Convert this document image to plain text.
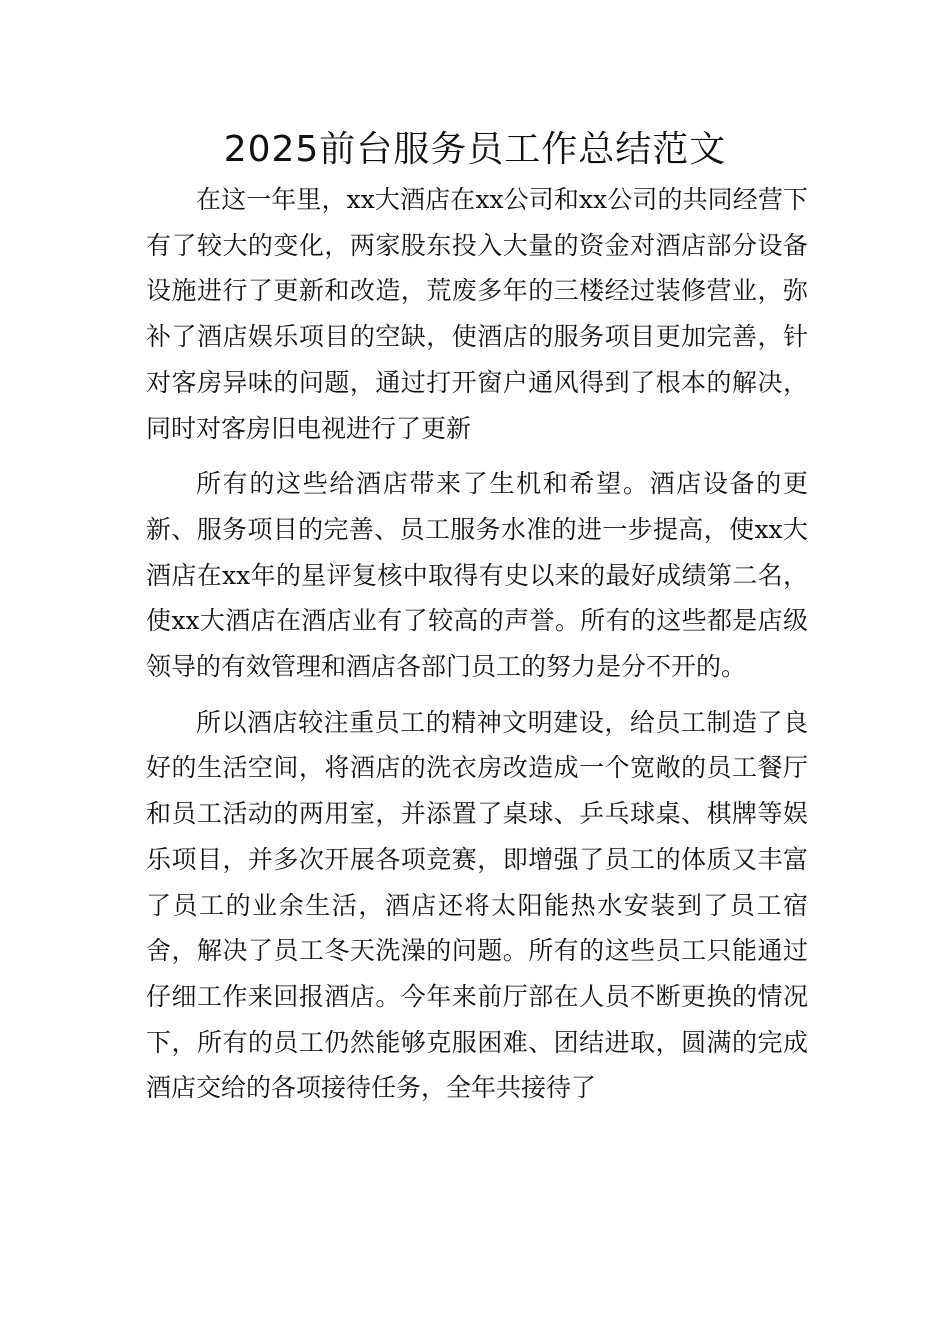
2025前台服务员工作总结范文

在这一年里，xx大酒店在xx公司和xx公司的共同经营下有了较大的变化，两家股东投入大量的资金对酒店部分设备设施进行了更新和改造，荒废多年的三楼经过装修营业，弥补了酒店娱乐项目的空缺，使酒店的服务项目更加完善，针对客房异味的问题，通过打开窗户通风得到了根本的解决，同时对客房旧电视进行了更新

所有的这些给酒店带来了生机和希望。酒店设备的更新、服务项目的完善、员工服务水准的进一步提高，使xx大酒店在xx年的星评复核中取得有史以来的最好成绩第二名，使xx大酒店在酒店业有了较高的声誉。所有的这些都是店级领导的有效管理和酒店各部门员工的努力是分不开的。

所以酒店较注重员工的精神文明建设，给员工制造了良好的生活空间，将酒店的洗衣房改造成一个宽敞的员工餐厅和员工活动的两用室，并添置了桌球、乒乓球桌、棋牌等娱乐项目，并多次开展各项竞赛，即增强了员工的体质又丰富了员工的业余生活，酒店还将太阳能热水安装到了员工宿舍，解决了员工冬天洗澡的问题。所有的这些员工只能通过仔细工作来回报酒店。今年来前厅部在人员不断更换的情况下，所有的员工仍然能够克服困难、团结进取，圆满的完成酒店交给的各项接待任务，全年共接待了
